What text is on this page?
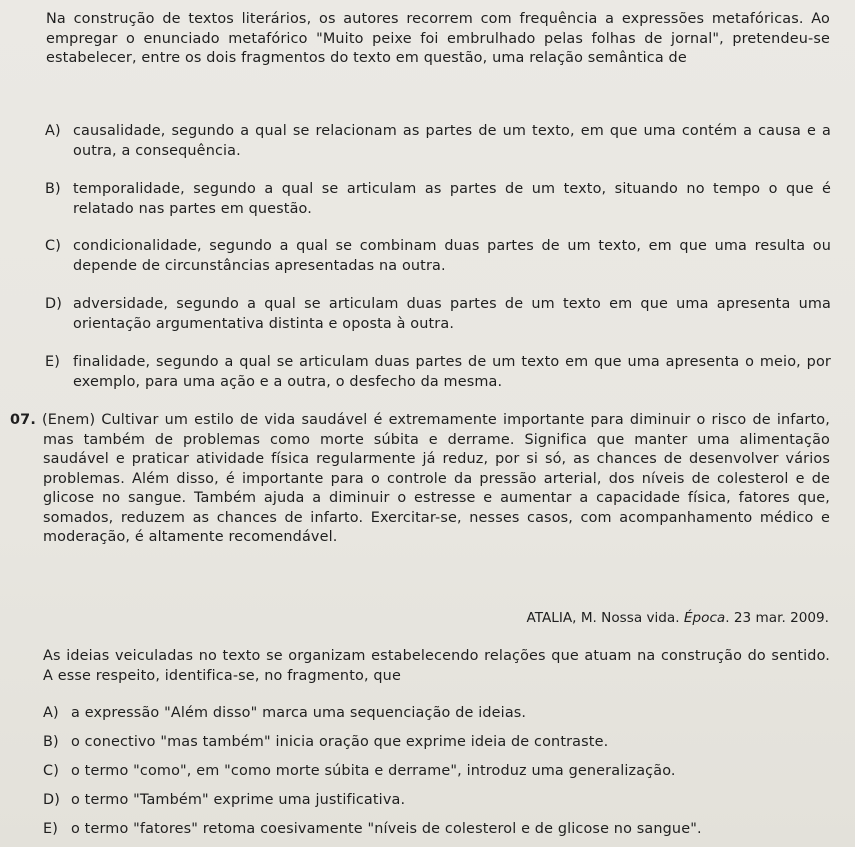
Na construção de textos literários, os autores recorrem com frequência a expressões metafóricas. Ao empregar o enunciado metafórico "Muito peixe foi embrulhado pelas folhas de jornal", pretendeu-se estabelecer, entre os dois fragmentos do texto em questão, uma relação semântica de
A) causalidade, segundo a qual se relacionam as partes de um texto, em que uma contém a causa e a outra, a consequência.
B) temporalidade, segundo a qual se articulam as partes de um texto, situando no tempo o que é relatado nas partes em questão.
C) condicionalidade, segundo a qual se combinam duas partes de um texto, em que uma resulta ou depende de circunstâncias apresentadas na outra.
D) adversidade, segundo a qual se articulam duas partes de um texto em que uma apresenta uma orientação argumentativa distinta e oposta à outra.
E) finalidade, segundo a qual se articulam duas partes de um texto em que uma apresenta o meio, por exemplo, para uma ação e a outra, o desfecho da mesma.
07. (Enem) Cultivar um estilo de vida saudável é extremamente importante para diminuir o risco de infarto, mas também de problemas como morte súbita e derrame. Significa que manter uma alimentação saudável e praticar atividade física regularmente já reduz, por si só, as chances de desenvolver vários problemas. Além disso, é importante para o controle da pressão arterial, dos níveis de colesterol e de glicose no sangue. Também ajuda a diminuir o estresse e aumentar a capacidade física, fatores que, somados, reduzem as chances de infarto. Exercitar-se, nesses casos, com acompanhamento médico e moderação, é altamente recomendável.
ATALIA, M. Nossa vida. Época. 23 mar. 2009.
As ideias veiculadas no texto se organizam estabelecendo relações que atuam na construção do sentido. A esse respeito, identifica-se, no fragmento, que
A) a expressão "Além disso" marca uma sequenciação de ideias.
B) o conectivo "mas também" inicia oração que exprime ideia de contraste.
C) o termo "como", em "como morte súbita e derrame", introduz uma generalização.
D) o termo "Também" exprime uma justificativa.
E) o termo "fatores" retoma coesivamente "níveis de colesterol e de glicose no sangue".
